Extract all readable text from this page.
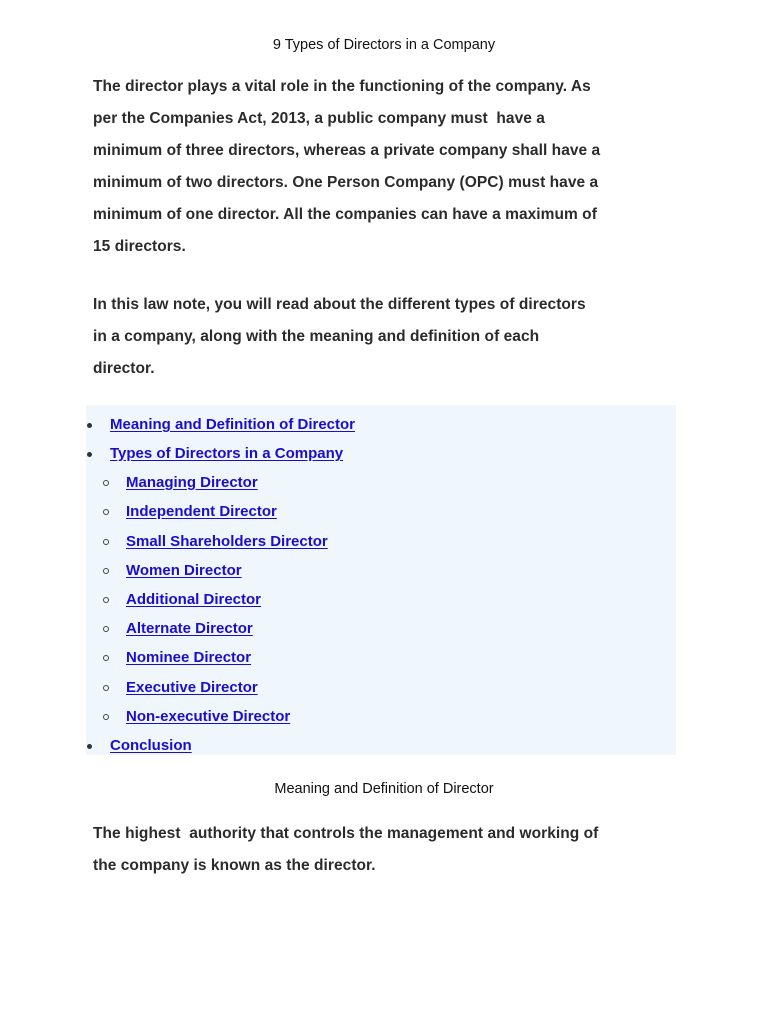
9 Types of Directors in a Company
The director plays a vital role in the functioning of the company. As
per the Companies Act, 2013, a public company must  have a
minimum of three directors, whereas a private company shall have a
minimum of two directors. One Person Company (OPC) must have a
minimum of one director. All the companies can have a maximum of
15 directors.
In this law note, you will read about the different types of directors
in a company, along with the meaning and definition of each
director.
Meaning and Definition of Director
Types of Directors in a Company
Managing Director
Independent Director
Small Shareholders Director
Women Director
Additional Director
Alternate Director
Nominee Director
Executive Director
Non-executive Director
Conclusion
Meaning and Definition of Director
The highest  authority that controls the management and working of
the company is known as the director.
